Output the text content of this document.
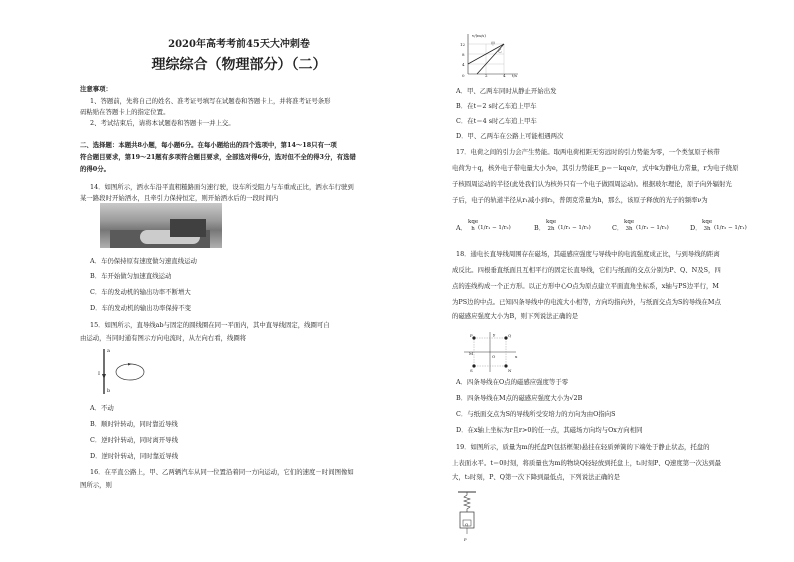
2020年高考考前45天大冲刺卷
理综综合（物理部分）（二）
注意事项：
1、答题前，先将自己的姓名、准考证号填写在试题卷和答题卡上，并将准考证号条形
码粘贴在答题卡上的指定位置。
2、考试结束后，请将本试题卷和答题卡一并上交。
二、选择题：本题共8小题，每小题6分。在每小题给出的四个选项中，第14～18只有一项
符合题目要求，第19～21题有多项符合题目要求，全部选对得6分，选对但不全的得3分，有选错
的得0分。
14．如图所示，洒水车沿平直粗糙路面匀速行驶，设车所受阻力与车重成正比，洒水车行驶到
某一路段时开始洒水，且牵引力保持恒定，则开始洒水后的一段时间内
A．车仍保持原有速度做匀速直线运动
B．车开始做匀加速直线运动
C．车的发动机的输出功率不断增大
D．车的发动机的输出功率保持不变
15．如图所示，直导线ab与固定的圆线圈在同一平面内，其中直导线固定，线圈可自
由运动，当同时通有图示方向电流时，从左向右看，线圈将
a
b
I
A．不动
B．顺时针转动，同时靠近导线
C．逆时针转动，同时离开导线
D．逆时针转动，同时靠近导线
16．在平直公路上，甲、乙两辆汽车从同一位置沿着同一方向运动，它们的速度－时间图像如
图所示，则
v/(m/s)
12
8
4
0	2	4 t/s
甲
乙
A．甲、乙两车同时从静止开始出发
B．在t＝2 s时乙车追上甲车
C．在t＝4 s时乙车追上甲车
D．甲、乙两车在公路上可能相遇两次
17．电荷之间的引力会产生势能。取两电荷相距无穷远时的引力势能为零，一个类氢原子核带
电荷为＋q，核外电子带电量大小为e，其引力势能E_p＝－kqe/r，式中k为静电力常量，r为电子绕原
子核圆周运动的半径(此处我们认为核外只有一个电子做圆周运动)。根据玻尔理论，原子向外辐射光
子后，电子的轨道半径从r₁减小到r₂，普朗克常量为h，那么，该原子释放的光子的频率ν为
A．
kqe
h (1/r₁ − 1/r₂)	B．
kqe
2h (1/r₁ − 1/r₂)	C．
kqe
3h (1/r₁ − 1/r₂)	D．
kqe
3h (1/r₂ − 1/r₁)
18．通电长直导线周围存在磁场，其磁感应强度与导线中的电流强度成正比，与到导线的距离
成反比。四根垂直纸面且互相平行的固定长直导线，它们与纸面的交点分别为P、Q、N及S，四
点的连线构成一个正方形。以正方形中心O点为原点建立平面直角坐标系，x轴与PS边平行，M
为PS边的中点。已知四条导线中的电流大小相等，方向均指向外，与纸面交点为S的导线在M点
的磁感应强度大小为B，则下列说法正确的是
P	Q
N
S
M
O	x
y
A．四条导线在O点的磁感应强度等于零
B．四条导线在M点的磁感应强度大小为√2B
C．与纸面交点为S的导线所受安培力的方向为由O指向S
D．在x轴上坐标为r且r>0的任一点，其磁场方向均与Ox方向相同
19．如图所示，质量为m的托盘P(包括框架)悬挂在轻质弹簧的下端处于静止状态，托盘的
上表面水平。t＝0时刻，将质量也为m的物块Q轻轻放到托盘上，t₁时刻P、Q速度第一次达到最
大，t₂时刻，P、Q第一次下降到最低点，下列说法正确的是
Q
P
